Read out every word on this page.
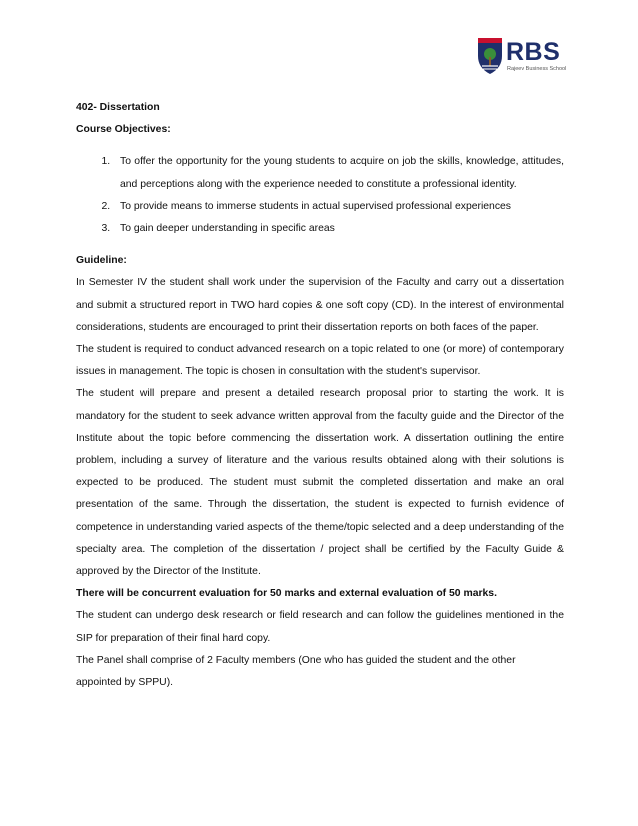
RBS
Rajeev Business School

402- Dissertation

Course Objectives:

1. To offer the opportunity for the young students to acquire on job the skills, knowledge, attitudes, and perceptions along with the experience needed to constitute a professional identity.
2. To provide means to immerse students in actual supervised professional experiences
3. To gain deeper understanding in specific areas

Guideline:

In Semester IV the student shall work under the supervision of the Faculty and carry out a dissertation and submit a structured report in TWO hard copies & one soft copy (CD). In the interest of environmental considerations, students are encouraged to print their dissertation reports on both faces of the paper.

The student is required to conduct advanced research on a topic related to one (or more) of contemporary issues in management. The topic is chosen in consultation with the student's supervisor.

The student will prepare and present a detailed research proposal prior to starting the work. It is mandatory for the student to seek advance written approval from the faculty guide and the Director of the Institute about the topic before commencing the dissertation work. A dissertation outlining the entire problem, including a survey of literature and the various results obtained along with their solutions is expected to be produced. The student must submit the completed dissertation and make an oral presentation of the same. Through the dissertation, the student is expected to furnish evidence of competence in understanding varied aspects of the theme/topic selected and a deep understanding of the specialty area. The completion of the dissertation / project shall be certified by the Faculty Guide & approved by the Director of the Institute.

There will be concurrent evaluation for 50 marks and external evaluation of 50 marks.

The student can undergo desk research or field research and can follow the guidelines mentioned in the SIP for preparation of their final hard copy.

The Panel shall comprise of 2 Faculty members (One who has guided the student and the other appointed by SPPU).
